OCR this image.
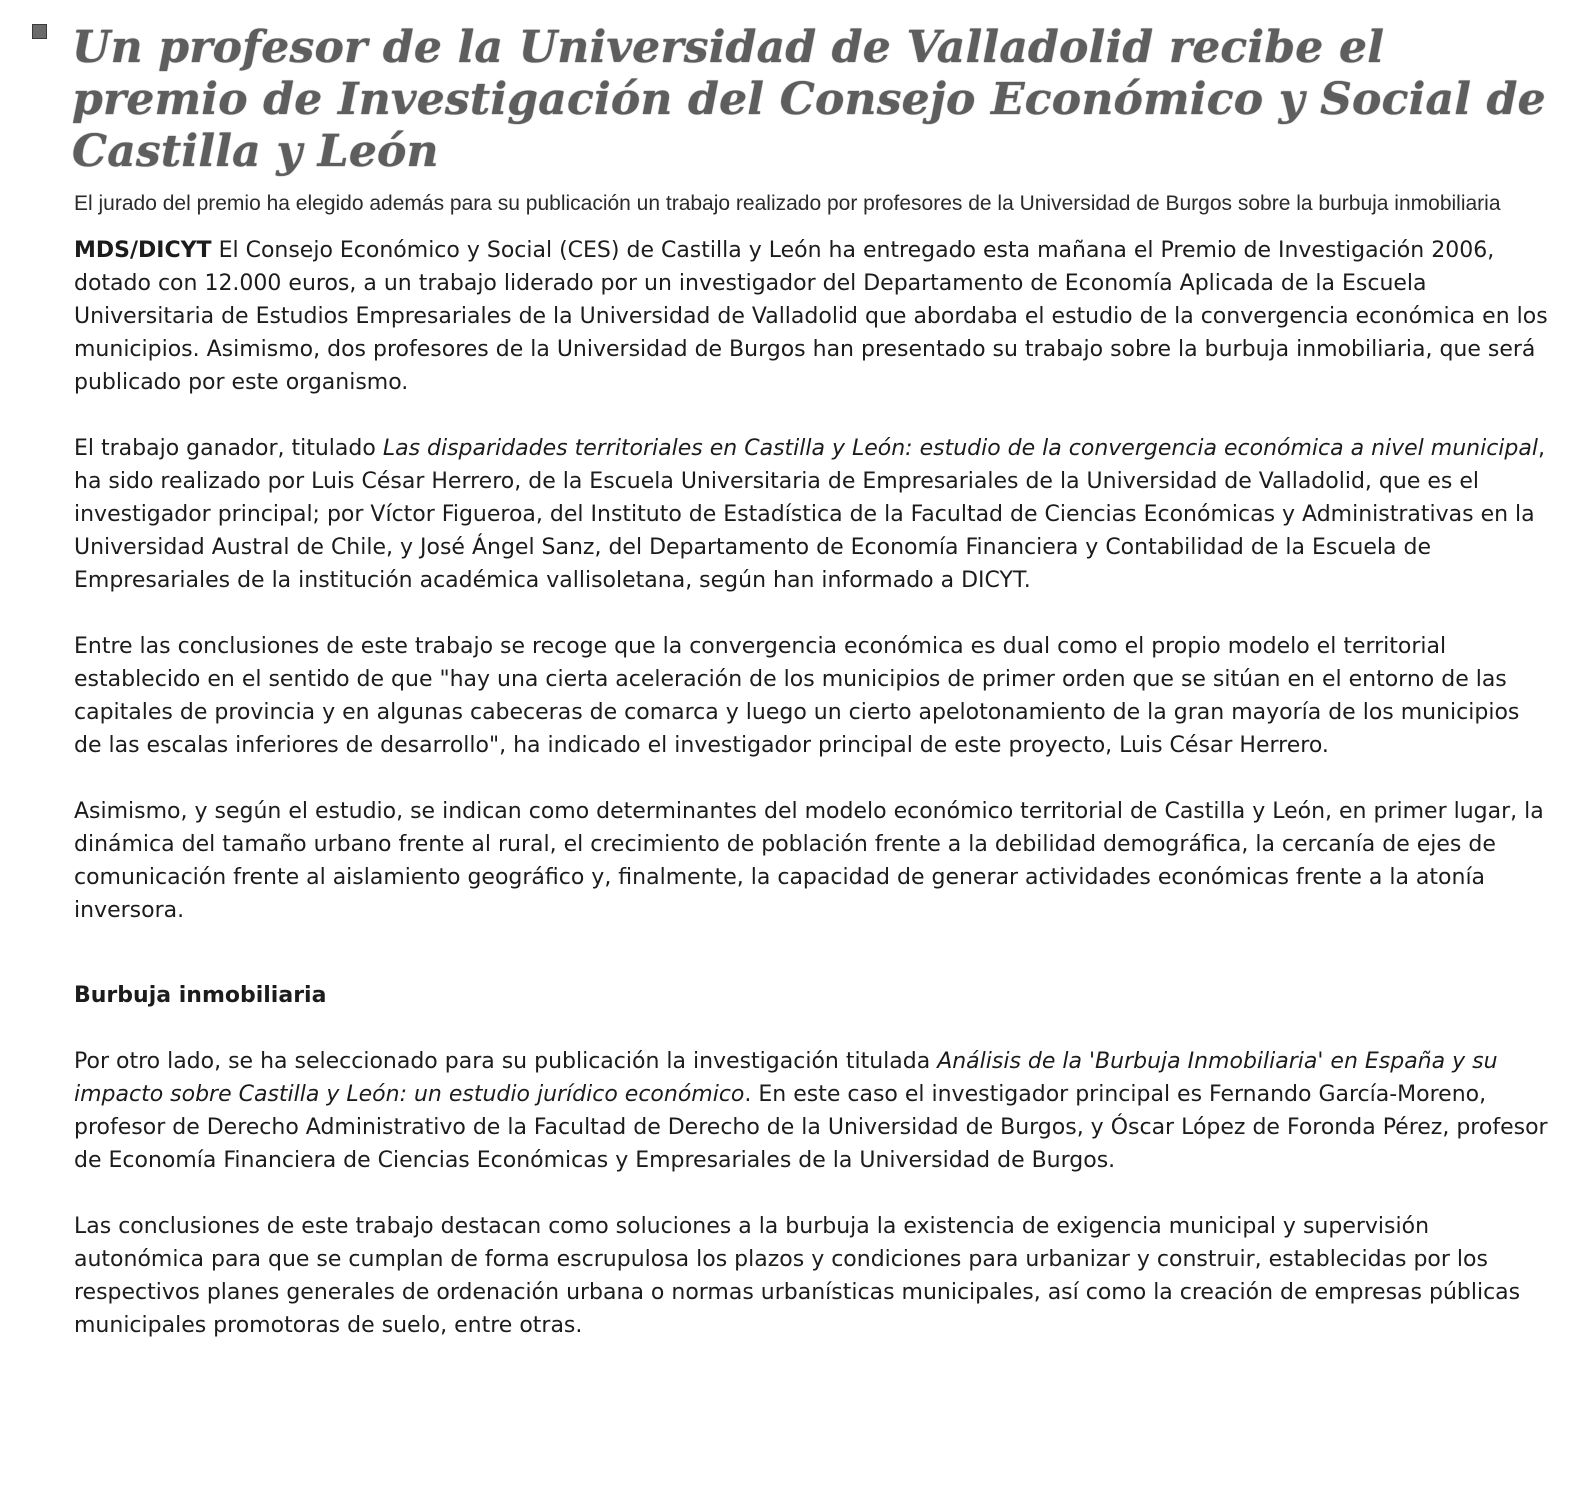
Un profesor de la Universidad de Valladolid recibe el premio de Investigación del Consejo Económico y Social de Castilla y León
El jurado del premio ha elegido además para su publicación un trabajo realizado por profesores de la Universidad de Burgos sobre la burbuja inmobiliaria

MDS/DICYT El Consejo Económico y Social (CES) de Castilla y León ha entregado esta mañana el Premio de Investigación 2006, dotado con 12.000 euros, a un trabajo liderado por un investigador del Departamento de Economía Aplicada de la Escuela Universitaria de Estudios Empresariales de la Universidad de Valladolid que abordaba el estudio de la convergencia económica en los municipios. Asimismo, dos profesores de la Universidad de Burgos han presentado su trabajo sobre la burbuja inmobiliaria, que será publicado por este organismo.

El trabajo ganador, titulado Las disparidades territoriales en Castilla y León: estudio de la convergencia económica a nivel municipal, ha sido realizado por Luis César Herrero, de la Escuela Universitaria de Empresariales de la Universidad de Valladolid, que es el investigador principal; por Víctor Figueroa, del Instituto de Estadística de la Facultad de Ciencias Económicas y Administrativas en la Universidad Austral de Chile, y José Ángel Sanz, del Departamento de Economía Financiera y Contabilidad de la Escuela de Empresariales de la institución académica vallisoletana, según han informado a DICYT.

Entre las conclusiones de este trabajo se recoge que la convergencia económica es dual como el propio modelo el territorial establecido en el sentido de que "hay una cierta aceleración de los municipios de primer orden que se sitúan en el entorno de las capitales de provincia y en algunas cabeceras de comarca y luego un cierto apelotonamiento de la gran mayoría de los municipios de las escalas inferiores de desarrollo", ha indicado el investigador principal de este proyecto, Luis César Herrero.

Asimismo, y según el estudio, se indican como determinantes del modelo económico territorial de Castilla y León, en primer lugar, la dinámica del tamaño urbano frente al rural, el crecimiento de población frente a la debilidad demográfica, la cercanía de ejes de comunicación frente al aislamiento geográfico y, finalmente, la capacidad de generar actividades económicas frente a la atonía inversora.

Burbuja inmobiliaria

Por otro lado, se ha seleccionado para su publicación la investigación titulada Análisis de la 'Burbuja Inmobiliaria' en España y su impacto sobre Castilla y León: un estudio jurídico económico. En este caso el investigador principal es Fernando García-Moreno, profesor de Derecho Administrativo de la Facultad de Derecho de la Universidad de Burgos, y Óscar López de Foronda Pérez, profesor de Economía Financiera de Ciencias Económicas y Empresariales de la Universidad de Burgos.

Las conclusiones de este trabajo destacan como soluciones a la burbuja la existencia de exigencia municipal y supervisión autonómica para que se cumplan de forma escrupulosa los plazos y condiciones para urbanizar y construir, establecidas por los respectivos planes generales de ordenación urbana o normas urbanísticas municipales, así como la creación de empresas públicas municipales promotoras de suelo, entre otras.
